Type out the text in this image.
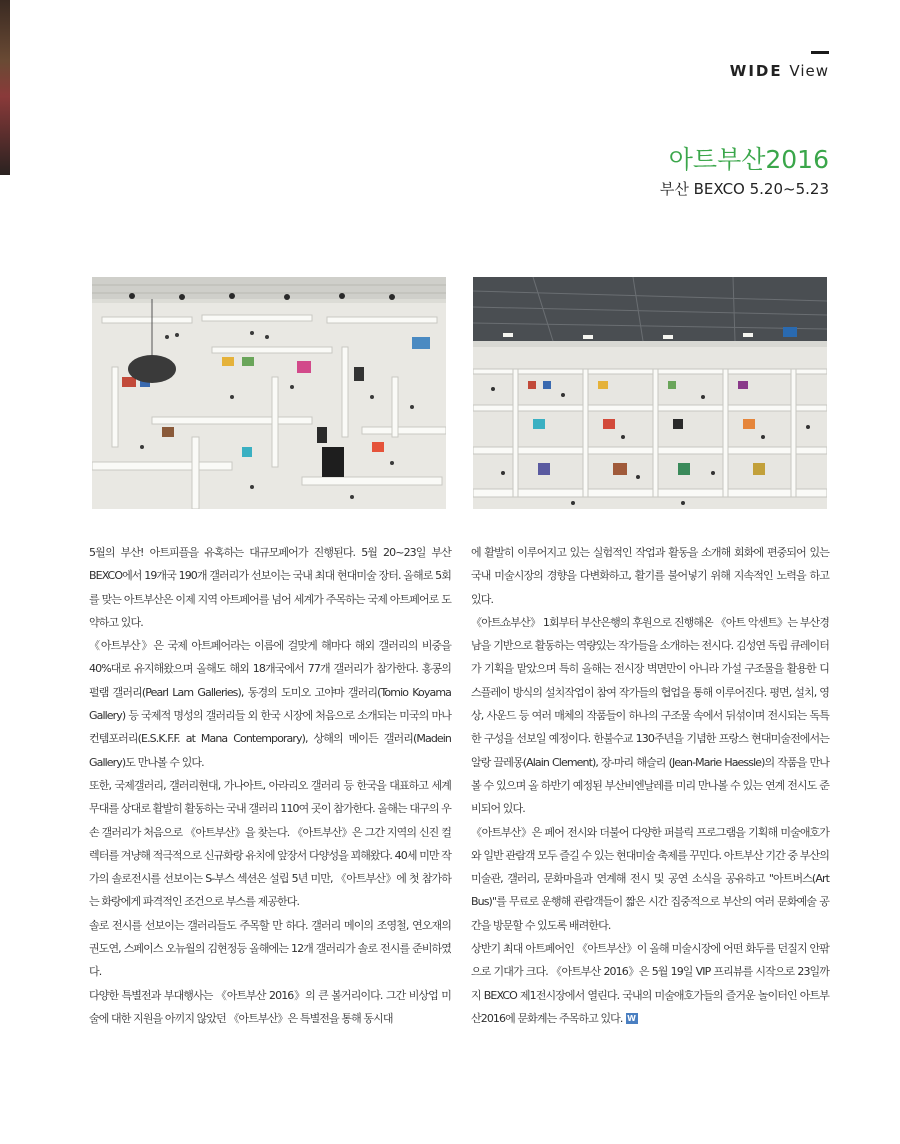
WIDE View
아트부산2016
부산 BEXCO 5.20~5.23

5월의 부산! 아트피플을 유혹하는 대규모페어가 진행된다. 5월 20~23일 부산 BEXCO에서 19개국 190개 갤러리가 선보이는 국내 최대 현대미술 장터. 올해로 5회를 맞는 아트부산은 이제 지역 아트페어를 넘어 세계가 주목하는 국제 아트페어로 도약하고 있다.

《아트부산》은 국제 아트페어라는 이름에 걸맞게 해마다 해외 갤러리의 비중을 40%대로 유지해왔으며 올해도 해외 18개국에서 77개 갤러리가 참가한다. 홍콩의 펄램 갤러리(Pearl Lam Galleries), 동경의 도미오 고야마 갤러리(Tomio Koyama Gallery) 등 국제적 명성의 갤러리들 외 한국 시장에 처음으로 소개되는 미국의 마나 컨템포러리(E.S.K.F.F. at Mana Contemporary), 상해의 메이든 갤러리(Madein Gallery)도 만나볼 수 있다.

또한, 국제갤러리, 갤러리현대, 가나아트, 아라리오 갤러리 등 한국을 대표하고 세계무대를 상대로 활발히 활동하는 국내 갤러리 110여 곳이 참가한다. 올해는 대구의 우손 갤러리가 처음으로 《아트부산》을 찾는다. 《아트부산》은 그간 지역의 신진 컬렉터를 겨냥해 적극적으로 신규화랑 유치에 앞장서 다양성을 꾀해왔다. 40세 미만 작가의 솔로전시를 선보이는 S-부스 섹션은 설립 5년 미만, 《아트부산》에 첫 참가하는 화랑에게 파격적인 조건으로 부스를 제공한다.

솔로 전시를 선보이는 갤러리들도 주목할 만 하다. 갤러리 메이의 조영철, 연오재의 권도연, 스페이스 오뉴월의 김현정등 올해에는 12개 갤러리가 솔로 전시를 준비하였다.

다양한 특별전과 부대행사는 《아트부산 2016》의 큰 볼거리이다. 그간 비상업 미술에 대한 지원을 아끼지 않았던 《아트부산》은 특별전을 통해 동시대

에 활발히 이루어지고 있는 실험적인 작업과 활동을 소개해 회화에 편중되어 있는 국내 미술시장의 경향을 다변화하고, 활기를 불어넣기 위해 지속적인 노력을 하고 있다.

《아트쇼부산》 1회부터 부산은행의 후원으로 진행해온 《아트 악센트》는 부산경남을 기반으로 활동하는 역량있는 작가들을 소개하는 전시다. 김성연 독립 큐레이터가 기획을 맡았으며 특히 올해는 전시장 벽면만이 아니라 가설 구조물을 활용한 디스플레이 방식의 설치작업이 참여 작가들의 협업을 통해 이루어진다. 평면, 설치, 영상, 사운드 등 여러 매체의 작품들이 하나의 구조물 속에서 뒤섞이며 전시되는 독특한 구성을 선보일 예정이다. 한불수교 130주년을 기념한 프랑스 현대미술전에서는 알랑 끌레몽(Alain Clement), 장-마리 해슬리 (Jean-Marie Haessle)의 작품을 만나볼 수 있으며 올 하반기 예정된 부산비엔날레를 미리 만나볼 수 있는 연계 전시도 준비되어 있다.

《아트부산》은 페어 전시와 더불어 다양한 퍼블릭 프로그램을 기획해 미술애호가와 일반 관람객 모두 즐길 수 있는 현대미술 축제를 꾸민다. 아트부산 기간 중 부산의 미술관, 갤러리, 문화마을과 연계해 전시 및 공연 소식을 공유하고 "아트버스(Art Bus)"를 무료로 운행해 관람객들이 짧은 시간 집중적으로 부산의 여러 문화예술 공간을 방문할 수 있도록 배려한다.

상반기 최대 아트페어인 《아트부산》이 올해 미술시장에 어떤 화두를 던질지 안팎으로 기대가 크다. 《아트부산 2016》은 5월 19일 VIP 프리뷰를 시작으로 23일까지 BEXCO 제1전시장에서 열린다. 국내의 미술애호가들의 즐거운 놀이터인 아트부산2016에 문화계는 주목하고 있다. W
